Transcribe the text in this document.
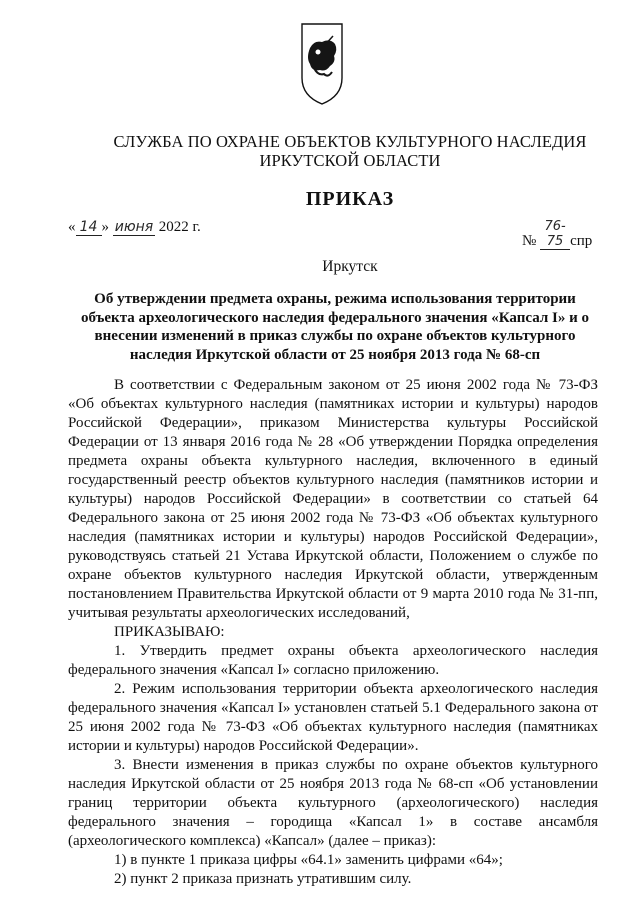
СЛУЖБА ПО ОХРАНЕ ОБЪЕКТОВ КУЛЬТУРНОГО НАСЛЕДИЯ
ИРКУТСКОЙ ОБЛАСТИ
ПРИКАЗ
« 14 » июня 2022 г.
№ 76-75 спр
Иркутск
Об утверждении предмета охраны, режима использования территории объекта археологического наследия федерального значения «Капсал I» и о внесении изменений в приказ службы по охране объектов культурного наследия Иркутской области от 25 ноября 2013 года № 68-сп

В соответствии с Федеральным законом от 25 июня 2002 года № 73-ФЗ «Об объектах культурного наследия (памятниках истории и культуры) народов Российской Федерации», приказом Министерства культуры Российской Федерации от 13 января 2016 года № 28 «Об утверждении Порядка определения предмета охраны объекта культурного наследия, включенного в единый государственный реестр объектов культурного наследия (памятников истории и культуры) народов Российской Федерации» в соответствии со статьей 64 Федерального закона от 25 июня 2002 года № 73-ФЗ «Об объектах культурного наследия (памятниках истории и культуры) народов Российской Федерации», руководствуясь статьей 21 Устава Иркутской области, Положением о службе по охране объектов культурного наследия Иркутской области, утвержденным постановлением Правительства Иркутской области от 9 марта 2010 года № 31-пп, учитывая результаты археологических исследований,

ПРИКАЗЫВАЮ:

1. Утвердить предмет охраны объекта археологического наследия федерального значения «Капсал I» согласно приложению.

2. Режим использования территории объекта археологического наследия федерального значения «Капсал I» установлен статьей 5.1 Федерального закона от 25 июня 2002 года № 73-ФЗ «Об объектах культурного наследия (памятниках истории и культуры) народов Российской Федерации».

3. Внести изменения в приказ службы по охране объектов культурного наследия Иркутской области от 25 ноября 2013 года № 68-сп «Об установлении границ территории объекта культурного (археологического) наследия федерального значения – городища «Капсал 1» в составе ансамбля (археологического комплекса) «Капсал» (далее – приказ):

1) в пункте 1 приказа цифры «64.1» заменить цифрами «64»;

2) пункт 2 приказа признать утратившим силу.
